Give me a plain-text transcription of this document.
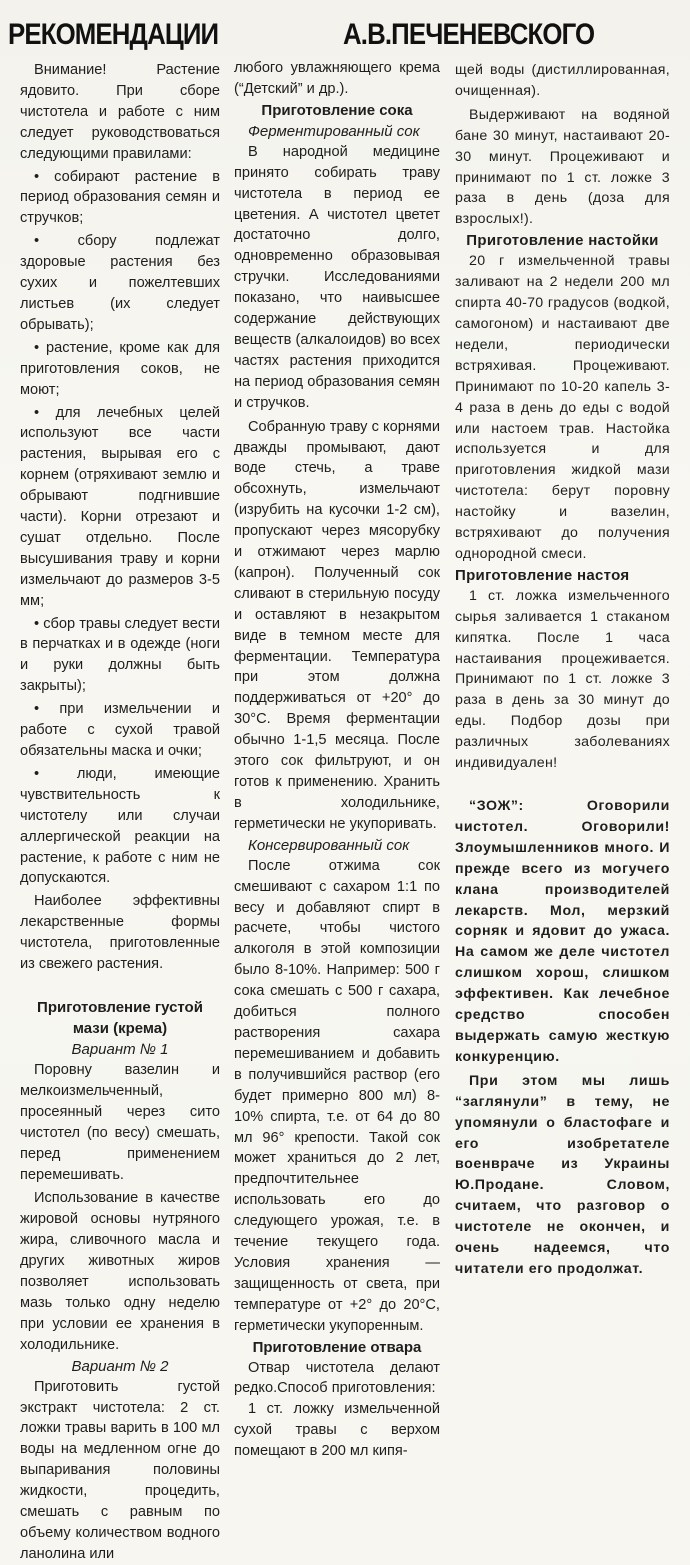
РЕКОМЕНДАЦИИ	А.В.ПЕЧЕНЕВСКОГО

Внимание! Растение ядовито. При сборе чистотела и работе с ним следует руководствоваться следующими правилами:

• собирают растение в период образования семян и стручков;

• сбору подлежат здоровые растения без сухих и пожелтевших листьев (их следует обрывать);

• растение, кроме как для приготовления соков, не моют;

• для лечебных целей используют все части растения, вырывая его с корнем (отряхивают землю и обрывают подгнившие части). Корни отрезают и сушат отдельно. После высушивания траву и корни измельчают до размеров 3-5 мм;

• сбор травы следует вести в перчатках и в одежде (ноги и руки должны быть закрыты);

• при измельчении и работе с сухой травой обязательны маска и очки;

• люди, имеющие чувствительность к чистотелу или случаи аллергической реакции на растение, к работе с ним не допускаются.

Наиболее эффективны лекарственные формы чистотела, приготовленные из свежего растения.

Приготовление густой мази (крема)
Вариант № 1

Поровну вазелин и мелкоизмельченный, просеянный через сито чистотел (по весу) смешать, перед применением перемешивать.

Использование в качестве жировой основы нутряного жира, сливочного масла и других животных жиров позволяет использовать мазь только одну неделю при условии ее хранения в холодильнике.

Вариант № 2

Приготовить густой экстракт чистотела: 2 ст. ложки травы варить в 100 мл воды на медленном огне до выпаривания половины жидкости, процедить, смешать с равным по объему количеством водного ланолина или

любого увлажняющего крема (“Детский” и др.).

Приготовление сока
Ферментированный сок

В народной медицине принято собирать траву чистотела в период ее цветения. А чистотел цветет достаточно долго, одновременно образовывая стручки. Исследованиями показано, что наивысшее содержание действующих веществ (алкалоидов) во всех частях растения приходится на период образования семян и стручков.

Собранную траву с корнями дважды промывают, дают воде стечь, а траве обсохнуть, измельчают (изрубить на кусочки 1-2 см), пропускают через мясорубку и отжимают через марлю (капрон). Полученный сок сливают в стерильную посуду и оставляют в незакрытом виде в темном месте для ферментации. Температура при этом должна поддерживаться от +20° до 30°С. Время ферментации обычно 1-1,5 месяца. После этого сок фильтруют, и он готов к применению. Хранить в холодильнике, герметически не укупоривать.

Консервированный сок

После отжима сок смешивают с сахаром 1:1 по весу и добавляют спирт в расчете, чтобы чистого алкоголя в этой композиции было 8-10%. Например: 500 г сока смешать с 500 г сахара, добиться полного растворения сахара перемешиванием и добавить в получившийся раствор (его будет примерно 800 мл) 8-10% спирта, т.е. от 64 до 80 мл 96° крепости. Такой сок может храниться до 2 лет, предпочтительнее использовать его до следующего урожая, т.е. в течение текущего года. Условия хранения — защищенность от света, при температуре от +2° до 20°С, герметически укупоренным.

Приготовление отвара

Отвар чистотела делают редко.Способ приготовления:

1 ст. ложку измельченной сухой травы с верхом помещают в 200 мл кипя-

щей воды (дистиллированная, очищенная).

Выдерживают на водяной бане 30 минут, настаивают 20-30 минут. Процеживают и принимают по 1 ст. ложке 3 раза в день (доза для взрослых!).

Приготовление настойки

20 г измельченной травы заливают на 2 недели 200 мл спирта 40-70 градусов (водкой, самогоном) и настаивают две недели, периодически встряхивая. Процеживают. Принимают по 10-20 капель 3-4 раза в день до еды с водой или настоем трав. Настойка используется и для приготовления жидкой мази чистотела: берут поровну настойку и вазелин, встряхивают до получения однородной смеси.

Приготовление настоя

1 ст. ложка измельченного сырья заливается 1 стаканом кипятка. После 1 часа настаивания процеживается. Принимают по 1 ст. ложке 3 раза в день за 30 минут до еды. Подбор дозы при различных заболеваниях индивидуален!

“ЗОЖ”: Оговорили чистотел. Оговорили! Злоумышленников много. И прежде всего из могучего клана производителей лекарств. Мол, мерзкий сорняк и ядовит до ужаса. На самом же деле чистотел слишком хорош, слишком эффективен. Как лечебное средство способен выдержать самую жесткую конкуренцию.

При этом мы лишь “заглянули” в тему, не упомянули о бластофаге и его изобретателе военвраче из Украины Ю.Продане. Словом, считаем, что разговор о чистотеле не окончен, и очень надеемся, что читатели его продолжат.
